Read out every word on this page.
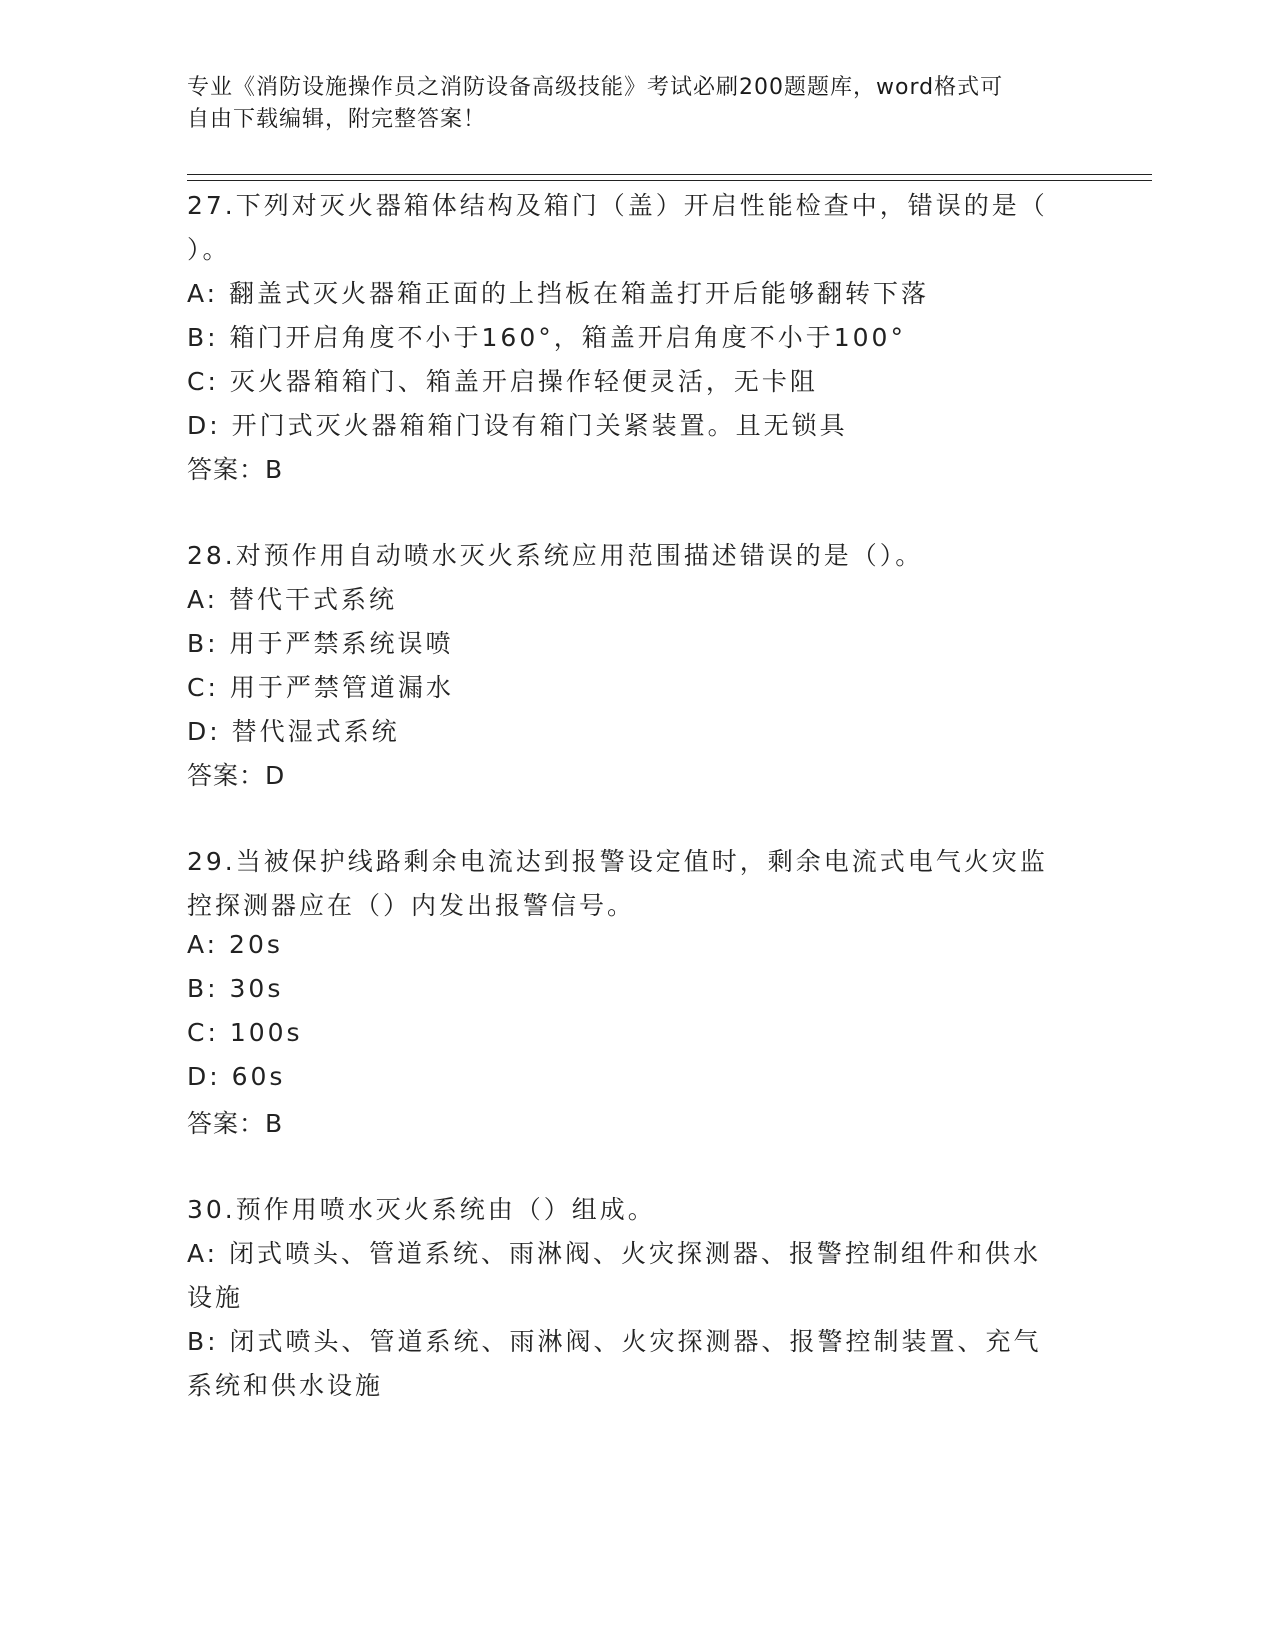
专业《消防设施操作员之消防设备高级技能》考试必刷200题题库，word格式可
自由下载编辑，附完整答案！
27.下列对灭火器箱体结构及箱门（盖）开启性能检查中，错误的是（
）。
A: 翻盖式灭火器箱正面的上挡板在箱盖打开后能够翻转下落
B: 箱门开启角度不小于160°，箱盖开启角度不小于100°
C: 灭火器箱箱门、箱盖开启操作轻便灵活，无卡阻
D: 开门式灭火器箱箱门设有箱门关紧装置。且无锁具
答案：B
28.对预作用自动喷水灭火系统应用范围描述错误的是（）。
A: 替代干式系统
B: 用于严禁系统误喷
C: 用于严禁管道漏水
D: 替代湿式系统
答案：D
29.当被保护线路剩余电流达到报警设定值时，剩余电流式电气火灾监
控探测器应在（）内发出报警信号。
A: 20s
B: 30s
C: 100s
D: 60s
答案：B
30.预作用喷水灭火系统由（）组成。
A: 闭式喷头、管道系统、雨淋阀、火灾探测器、报警控制组件和供水
设施
B: 闭式喷头、管道系统、雨淋阀、火灾探测器、报警控制装置、充气
系统和供水设施
